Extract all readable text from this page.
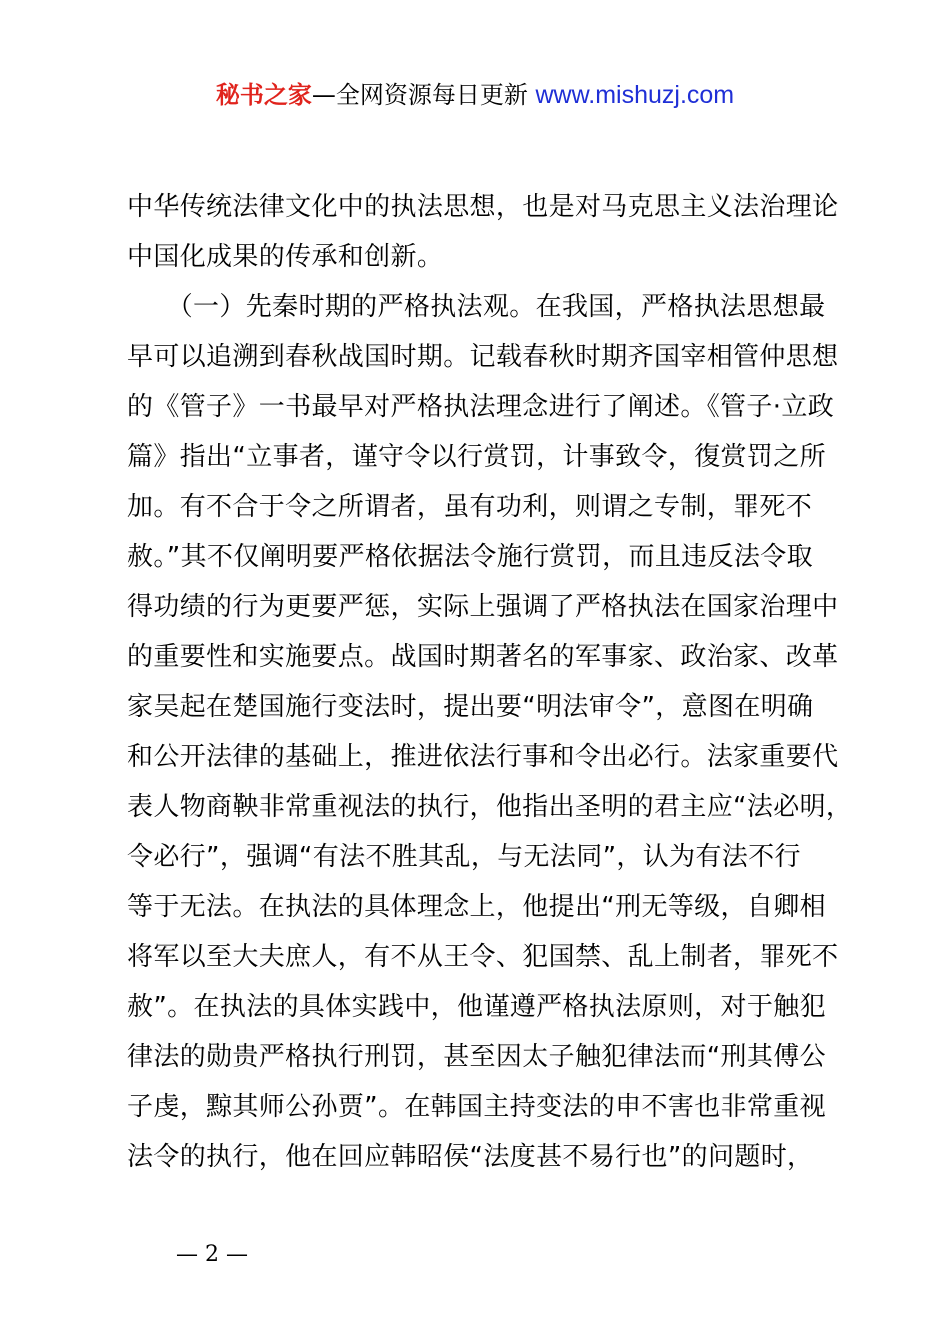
秘书之家—全网资源每日更新 www.mishuzj.com
中华传统法律文化中的执法思想，也是对马克思主义法治理论
中国化成果的传承和创新。
　　（一）先秦时期的严格执法观。在我国，严格执法思想最
早可以追溯到春秋战国时期。记载春秋时期齐国宰相管仲思想
的《管子》一书最早对严格执法理念进行了阐述。《管子·立政
篇》指出“立事者，谨守令以行赏罚，计事致令，復赏罚之所
加。有不合于令之所谓者，虽有功利，则谓之专制，罪死不
赦。”其不仅阐明要严格依据法令施行赏罚，而且违反法令取
得功绩的行为更要严惩，实际上强调了严格执法在国家治理中
的重要性和实施要点。战国时期著名的军事家、政治家、改革
家吴起在楚国施行变法时，提出要“明法审令”，意图在明确
和公开法律的基础上，推进依法行事和令出必行。法家重要代
表人物商鞅非常重视法的执行，他指出圣明的君主应“法必明，
令必行”，强调“有法不胜其乱，与无法同”，认为有法不行
等于无法。在执法的具体理念上，他提出“刑无等级，自卿相
将军以至大夫庶人，有不从王令、犯国禁、乱上制者，罪死不
赦”。在执法的具体实践中，他谨遵严格执法原则，对于触犯
律法的勋贵严格执行刑罚，甚至因太子触犯律法而“刑其傅公
子虔，黥其师公孙贾”。在韩国主持变法的申不害也非常重视
法令的执行，他在回应韩昭侯“法度甚不易行也”的问题时，
— 2 —
